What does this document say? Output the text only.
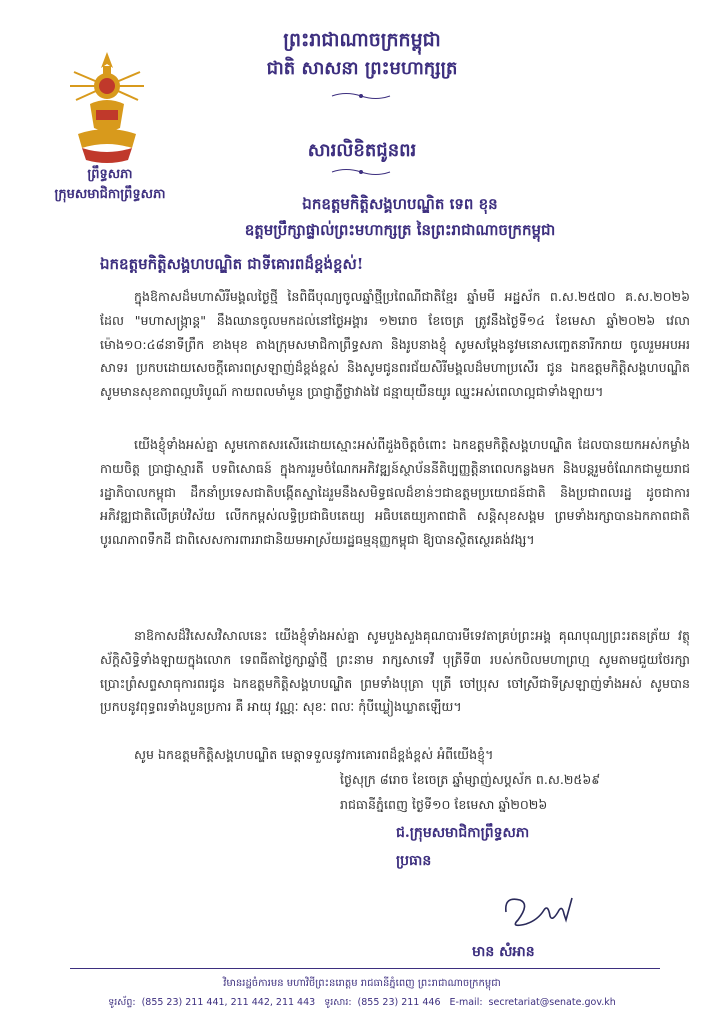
ព្រះរាជាណាចក្រកម្ពុជា
ជាតិ សាសនា ព្រះមហាក្សត្រ
ព្រឹទ្ធសភា
ក្រុមសមាជិកាព្រឹទ្ធសភា
សារលិខិតជូនពរ
ឯកឧត្តមកិត្តិសង្គហបណ្ឌិត ទេព ខុន
ឧត្តមប្រឹក្សាផ្ទាល់ព្រះមហាក្សត្រ នៃព្រះរាជាណាចក្រកម្ពុជា
ឯកឧត្តមកិត្តិសង្គហបណ្ឌិត ជាទីគោរពដ៏ខ្ពង់ខ្ពស់!
ក្នុងឱកាសដ៏មហាសិរីមង្គលថ្ងៃថ្មី នៃពិធីបុណ្យចូលឆ្នាំថ្មីប្រពៃណីជាតិខ្មែរ ឆ្នាំមមី អដ្ឋស័ក ព.ស.២៥៧០ គ.ស.២០២៦ ដែល "មហាសង្ក្រាន្ត" នឹងឈានចូលមកដល់នៅថ្ងៃអង្គារ ១២រោច ខែចេត្រ ត្រូវនឹងថ្ងៃទី១៤ ខែមេសា ឆ្នាំ២០២៦ វេលាម៉ោង១០:៤៨នាទីព្រឹក ខាងមុខ តាងក្រុមសមាជិកាព្រឹទ្ធសភា និងរូបនាងខ្ញុំ សូមសម្តែងនូវមនោសញ្ចេតនារីករាយ ចូលរួមអបអរសាទរ ប្រកបដោយសេចក្តីគោរពស្រឡាញ់ដ៏ខ្ពង់ខ្ពស់ និងសូមជូនពរជ័យសិរីមង្គលដ៏មហាប្រសើរ ជូន ឯកឧត្តមកិត្តិសង្គហបណ្ឌិត សូមមានសុខភាពល្អបរិបូណ៍ កាយពលមាំមួន ប្រាជ្ញាភ្លឺថ្លាវាងវៃ ជន្មាយុយឺនយូរ ឈ្នះអស់ពេលាល្អជាទាំងឡាយ។
យើងខ្ញុំទាំងអស់គ្នា សូមកោតសរសើរដោយស្មោះអស់ពីដួងចិត្តចំពោះ ឯកឧត្តមកិត្តិសង្គហបណ្ឌិត ដែលបានយកអស់កម្លាំងកាយចិត្ត ប្រាជ្ញាស្មារតី បទពិសោធន៍ ក្នុងការរួមចំណែកអភិវឌ្ឍន៍ស្ថាប័ននីតិប្បញ្ញត្តិនាពេលកន្លងមក និងបន្តរួមចំណែកជាមួយរាជរដ្ឋាភិបាលកម្ពុជា ដឹកនាំប្រទេសជាតិបង្កើតស្នាដៃរួមនឹងសមិទ្ធផលដ៏ខាន់ៗជាឧត្តមប្រយោជន៍ជាតិ និងប្រជាពលរដ្ឋ ដូចជាការអភិវឌ្ឍជាតិលើគ្រប់វិស័យ លើកកម្ពស់លទ្ធិប្រជាធិបតេយ្យ អធិបតេយ្យភាពជាតិ សន្តិសុខសង្គម ព្រមទាំងរក្សាបានឯកភាពជាតិ បូរណភាពទឹកដី ជាពិសេសការពាររាជានិយមអាស្រ័យរដ្ឋធម្មនុញ្ញកម្ពុជា ឱ្យបានស្ថិតស្ថេរគង់វង្ស។
នាឱកាសដ៏វិសេសវិសាលនេះ យើងខ្ញុំទាំងអស់គ្នា សូមបួងសួងគុណបារមីទេវតាគ្រប់ព្រះអង្គ គុណបុណ្យព្រះរតនត្រ័យ វត្ថុស័ក្តិសិទ្ធិទាំងឡាយក្នុងលោក ទេពធីតាថ្ងៃក្សាឆ្នាំថ្មី ព្រះនាម រាក្សសាទេវី បុត្រីទី៣ របស់កបិលមហាព្រហ្ម សូមតាមជួយថែរក្សា ប្រោះព្រំសព្ទសាធុការពរជូន ឯកឧត្តមកិត្តិសង្គហបណ្ឌិត ព្រមទាំងបុត្រា បុត្រី ចៅប្រុស ចៅស្រីជាទីស្រឡាញ់ទាំងអស់ សូមបានប្រកបនូវពុទ្ធពរទាំងបួនប្រការ គឺ អាយុ វណ្ណៈ សុខៈ ពលៈ កុំបីឃ្លៀងឃ្លាតឡើយ។
សូម ឯកឧត្តមកិត្តិសង្គហបណ្ឌិត មេត្តាទទួលនូវការគោរពដ៏ខ្ពង់ខ្ពស់ អំពីយើងខ្ញុំ។
ថ្ងៃសុក្រ ៨រោច ខែចេត្រ ឆ្នាំម្សាញ់សប្តស័ក ព.ស.២៥៦៩
រាជធានីភ្នំពេញ ថ្ងៃទី១០ ខែមេសា ឆ្នាំ២០២៦
ជ.ក្រុមសមាជិកាព្រឹទ្ធសភា
ប្រធាន
មាន សំអាន
វិមានរដ្ឋចំការមន មហាវិថីព្រះនរោត្តម រាជធានីភ្នំពេញ ព្រះរាជាណាចក្រកម្ពុជា
ទូរស័ព្ទ: (855 23) 211 441, 211 442, 211 443 ទូរសារ: (855 23) 211 446 E-mail: secretariat@senate.gov.kh
